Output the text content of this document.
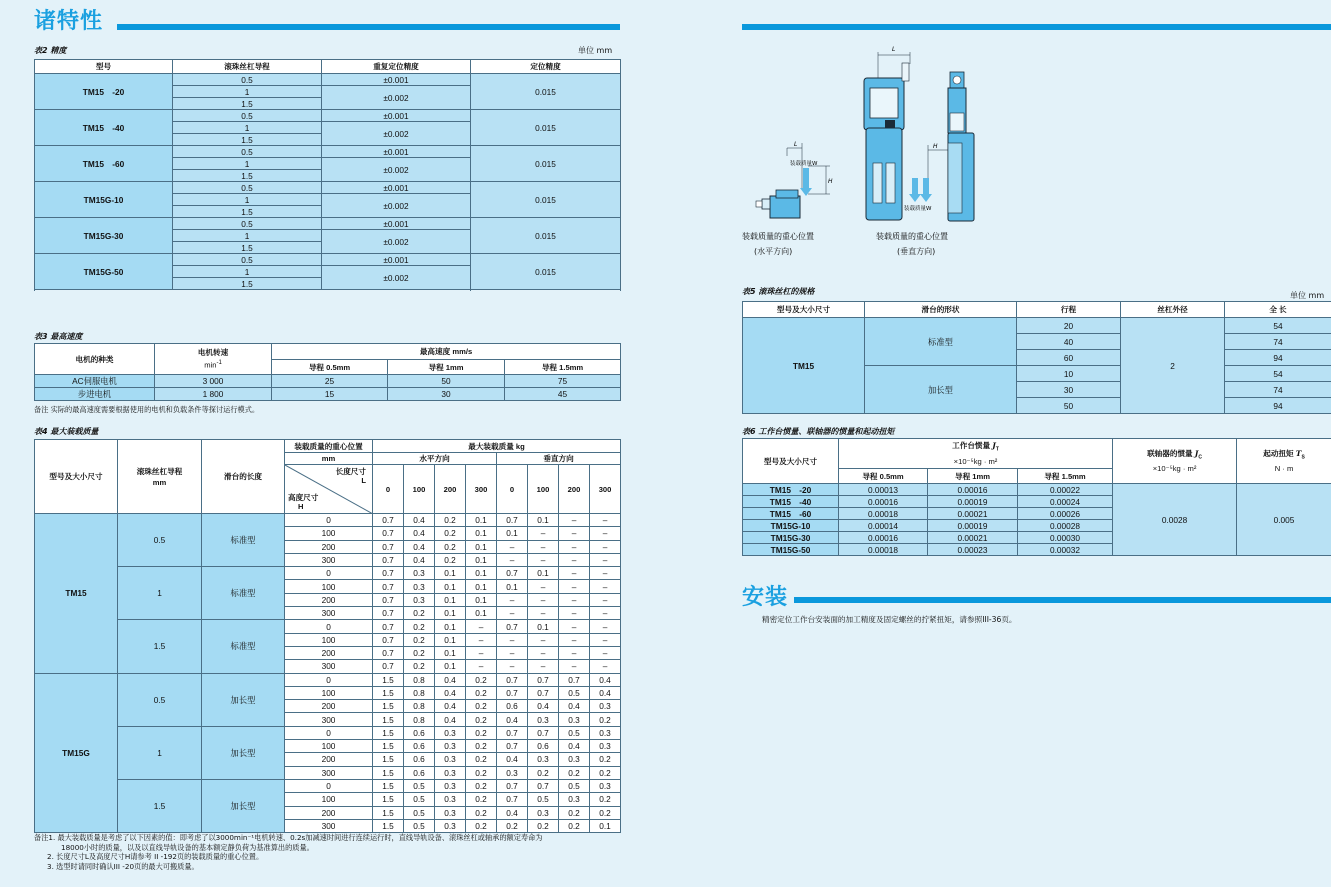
诸特性
表2 精度	单位 mm
型号	滚珠丝杠导程	重复定位精度	定位精度
TM15 -20	0.5	±0.001	0.015
	1	±0.002	

	1.5		

TM15 -40	0.5	±0.001	0.015
	1	±0.002	

	1.5		

TM15 -60	0.5	±0.001	0.015
	1	±0.002	

	1.5		

TM15G-10	0.5	±0.001	0.015
	1	±0.002	

	1.5		

TM15G-30	0.5	±0.001	0.015
	1	±0.002	

	1.5		

TM15G-50	0.5	±0.001	0.015
	1	±0.002	

	1.5		

表3 最高速度
电机的种类	电机转速
$\min^{-1}$	最高速度 mm/s		
		导程 0.5mm	导程 1mm	导程 1.5mm
AC伺服电机	3 000	25	50	75
步进电机	1 800	15	30	45
备注 实际的最高速度需要根据使用的电机和负载条件等探讨运行模式。
表4 最大装载质量
型号及大小尺寸	滚珠丝杠导程
mm	滑台的长度	装载质量的重心位置	最大装载质量 kg							
			mm	水平方向				垂直方向			

			长度尺寸
L
高度尺寸
H	0	100	200	300	0	100	200	300
TM15	0.5	标准型	0	0.7	0.4	0.2	0.1	0.7	0.1	–	–
			100	0.7	0.4	0.2	0.1	0.1	–	–	–
			200	0.7	0.4	0.2	0.1	–	–	–	–
			300	0.7	0.4	0.2	0.1	–	–	–	–
	1	标准型	0	0.7	0.3	0.1	0.1	0.7	0.1	–	–
			100	0.7	0.3	0.1	0.1	0.1	–	–	–
			200	0.7	0.3	0.1	0.1	–	–	–	–
			300	0.7	0.2	0.1	0.1	–	–	–	–
	1.5	标准型	0	0.7	0.2	0.1	–	0.7	0.1	–	–
			100	0.7	0.2	0.1	–	–	–	–	–
			200	0.7	0.2	0.1	–	–	–	–	–
			300	0.7	0.2	0.1	–	–	–	–	–
TM15G	0.5	加长型	0	1.5	0.8	0.4	0.2	0.7	0.7	0.7	0.4
			100	1.5	0.8	0.4	0.2	0.7	0.7	0.5	0.4
			200	1.5	0.8	0.4	0.2	0.6	0.4	0.4	0.3
			300	1.5	0.8	0.4	0.2	0.4	0.3	0.3	0.2
	1	加长型	0	1.5	0.6	0.3	0.2	0.7	0.7	0.5	0.3
			100	1.5	0.6	0.3	0.2	0.7	0.6	0.4	0.3
			200	1.5	0.6	0.3	0.2	0.4	0.3	0.3	0.2
			300	1.5	0.6	0.3	0.2	0.3	0.2	0.2	0.2
	1.5	加长型	0	1.5	0.5	0.3	0.2	0.7	0.7	0.5	0.3
			100	1.5	0.5	0.3	0.2	0.7	0.5	0.3	0.2
			200	1.5	0.5	0.3	0.2	0.4	0.3	0.2	0.2
			300	1.5	0.5	0.3	0.2	0.2	0.2	0.2	0.1
备注1. 最大装载质量是考虑了以下因素的值：即考虑了以3000min⁻¹电机转速、0.2s加减速时间进行连续运行时，直线导轨设备、滚珠丝杠或轴承的额定寿命为
18000小时的质量，以及以直线导轨设备的基本额定静负荷为基准算出的质量。
2. 长度尺寸L及高度尺寸H请参考 II -192页的装载质量的重心位置。
3. 选型时请同时确认III -20页的最大可搬质量。
L
H
装载质量W
L
H
装载质量W
装载质量的重心位置	装载质量的重心位置
(水平方向)	(垂直方向)
表5 滚珠丝杠的规格	单位 mm
型号及大小尺寸	滑台的形状	行程	丝杠外径	全 长
TM15	标准型	20	2	54
		40		74
		60		94
	加长型	10		54
		30		74
		50		94
表6 工作台惯量、联轴器的惯量和起动扭矩
型号及大小尺寸	工作台惯量 $J_T$
×10⁻⁵kg · m²			联轴器的惯量 $J_C$
×10⁻⁵kg · m²	起动扭矩 $T_S$
N · m
	导程 0.5mm	导程 1mm	导程 1.5mm		
TM15 -20	0.00013	0.00016	0.00022	0.0028	0.005
TM15 -40	0.00016	0.00019	0.00024		
TM15 -60	0.00018	0.00021	0.00026		
TM15G-10	0.00014	0.00019	0.00028		
TM15G-30	0.00016	0.00021	0.00030		
TM15G-50	0.00018	0.00023	0.00032		
安装
精密定位工作台安装面的加工精度及固定螺丝的拧紧扭矩，请参照III-36页。
